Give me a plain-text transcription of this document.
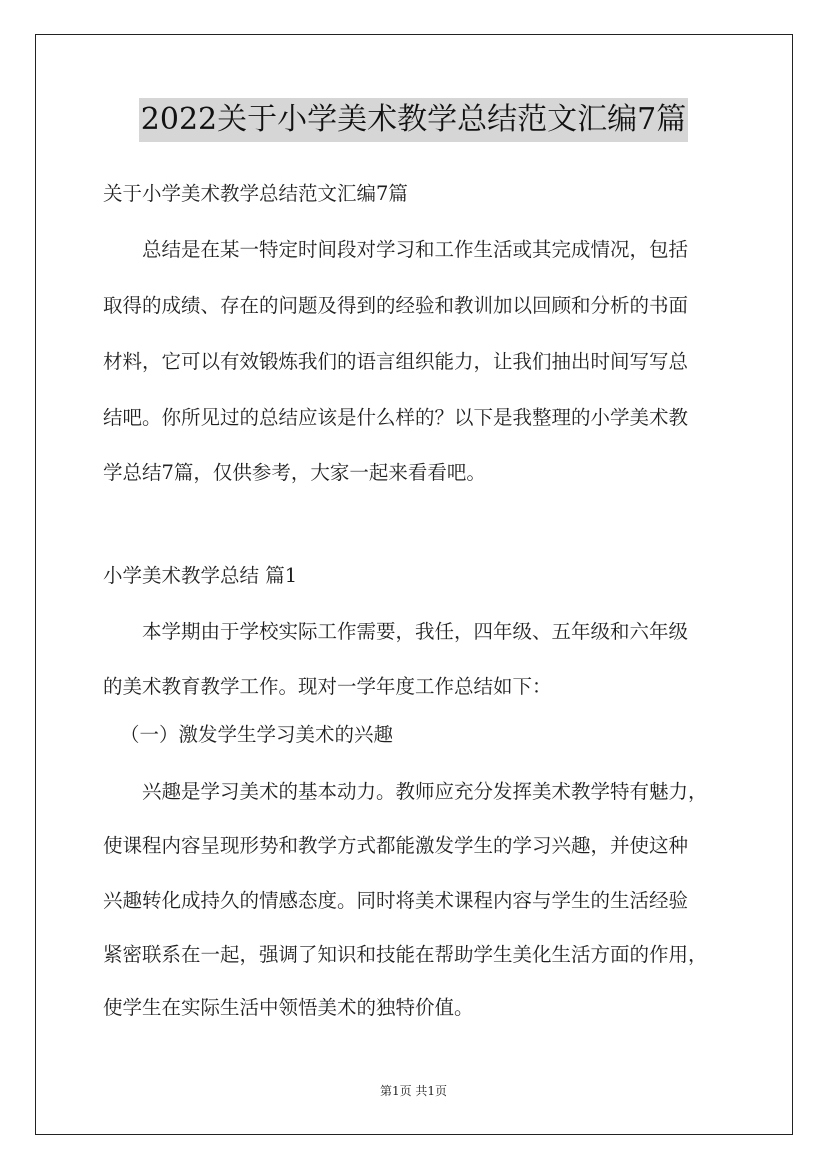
2022关于小学美术教学总结范文汇编7篇
关于小学美术教学总结范文汇编7篇
总结是在某一特定时间段对学习和工作生活或其完成情况，包括
取得的成绩、存在的问题及得到的经验和教训加以回顾和分析的书面
材料，它可以有效锻炼我们的语言组织能力，让我们抽出时间写写总
结吧。你所见过的总结应该是什么样的？以下是我整理的小学美术教
学总结7篇，仅供参考，大家一起来看看吧。
小学美术教学总结 篇1
本学期由于学校实际工作需要，我任，四年级、五年级和六年级
的美术教育教学工作。现对一学年度工作总结如下：
（一）激发学生学习美术的兴趣
兴趣是学习美术的基本动力。教师应充分发挥美术教学特有魅力，
使课程内容呈现形势和教学方式都能激发学生的学习兴趣，并使这种
兴趣转化成持久的情感态度。同时将美术课程内容与学生的生活经验
紧密联系在一起，强调了知识和技能在帮助学生美化生活方面的作用，
使学生在实际生活中领悟美术的独特价值。
第1页 共1页
